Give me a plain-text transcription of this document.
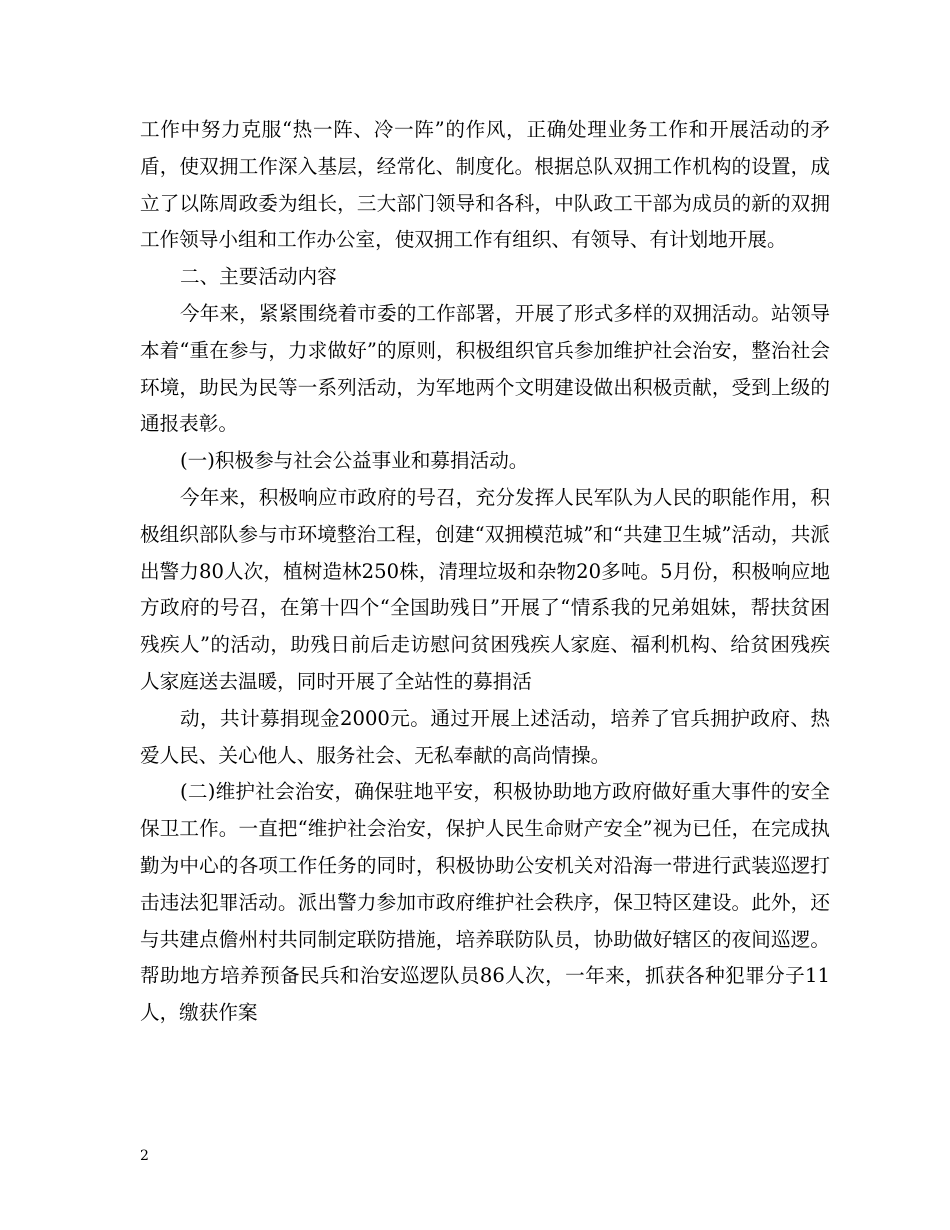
工作中努力克服“热一阵、冷一阵”的作风，正确处理业务工作和开展活动的矛盾，使双拥工作深入基层，经常化、制度化。根据总队双拥工作机构的设置，成立了以陈周政委为组长，三大部门领导和各科，中队政工干部为成员的新的双拥工作领导小组和工作办公室，使双拥工作有组织、有领导、有计划地开展。

二、主要活动内容

今年来，紧紧围绕着市委的工作部署，开展了形式多样的双拥活动。站领导本着“重在参与，力求做好”的原则，积极组织官兵参加维护社会治安，整治社会环境，助民为民等一系列活动，为军地两个文明建设做出积极贡献，受到上级的通报表彰。

(一)积极参与社会公益事业和募捐活动。

今年来，积极响应市政府的号召，充分发挥人民军队为人民的职能作用，积极组织部队参与市环境整治工程，创建“双拥模范城”和“共建卫生城”活动，共派出警力80人次，植树造林250株，清理垃圾和杂物20多吨。5月份，积极响应地方政府的号召，在第十四个“全国助残日”开展了“情系我的兄弟姐妹，帮扶贫困残疾人”的活动，助残日前后走访慰问贫困残疾人家庭、福利机构、给贫困残疾人家庭送去温暖，同时开展了全站性的募捐活

动，共计募捐现金2000元。通过开展上述活动，培养了官兵拥护政府、热爱人民、关心他人、服务社会、无私奉献的高尚情操。

(二)维护社会治安，确保驻地平安，积极协助地方政府做好重大事件的安全保卫工作。一直把“维护社会治安，保护人民生命财产安全”视为已任，在完成执勤为中心的各项工作任务的同时，积极协助公安机关对沿海一带进行武装巡逻打击违法犯罪活动。派出警力参加市政府维护社会秩序，保卫特区建设。此外，还与共建点儋州村共同制定联防措施，培养联防队员，协助做好辖区的夜间巡逻。帮助地方培养预备民兵和治安巡逻队员86人次，一年来，抓获各种犯罪分子11人，缴获作案

2
